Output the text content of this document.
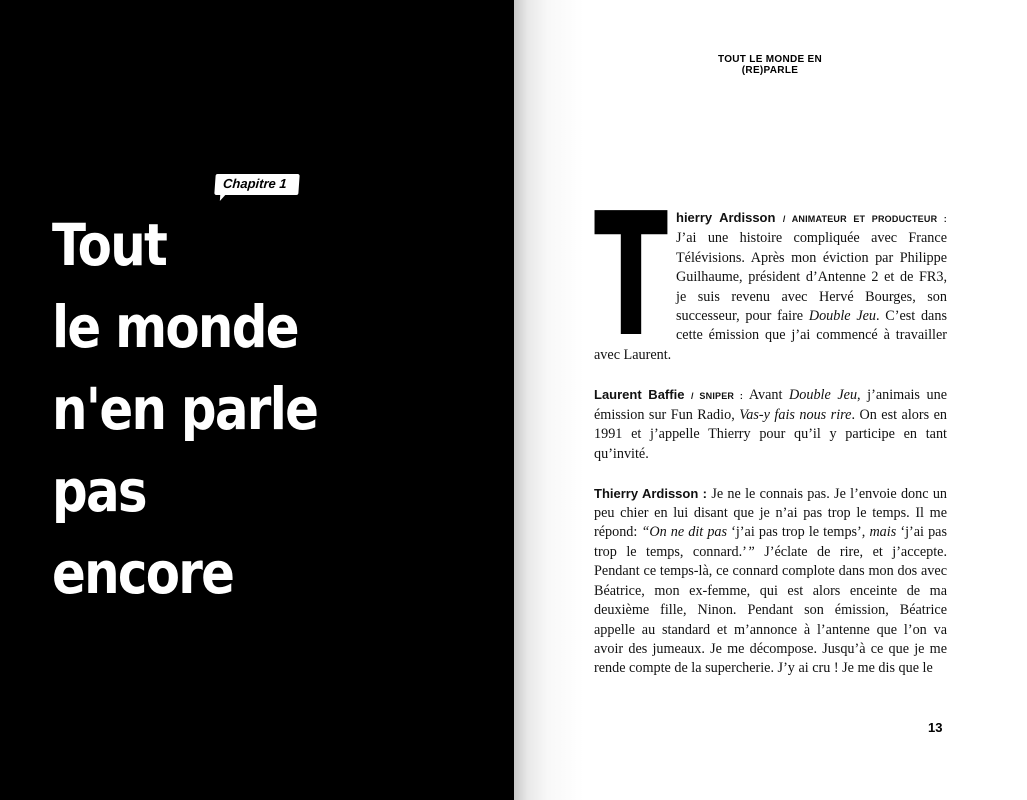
Chapitre 1
Tout
le monde
n'en parle
pas
encore
TOUT LE MONDE EN (RE)PARLE

T hierry Ardisson / ANIMATEUR ET PRODUCTEUR : J’ai une histoire compliquée avec France Télévisions. Après mon éviction par Philippe Guilhaume, président d’Antenne 2 et de FR3, je suis revenu avec Hervé Bourges, son successeur, pour faire Double Jeu. C’est dans cette émission que j’ai commencé à travailler avec Laurent.

Laurent Baffie / SNIPER : Avant Double Jeu, j’animais une émission sur Fun Radio, Vas-y fais nous rire. On est alors en 1991 et j’appelle Thierry pour qu’il y participe en tant qu’invité.

Thierry Ardisson : Je ne le connais pas. Je l’envoie donc un peu chier en lui disant que je n’ai pas trop le temps. Il me répond: “On ne dit pas ‘j’ai pas trop le temps’, mais ‘j’ai pas trop le temps, connard.’” J’éclate de rire, et j’accepte. Pendant ce temps-là, ce connard complote dans mon dos avec Béatrice, mon ex-femme, qui est alors enceinte de ma deuxième fille, Ninon. Pendant son émission, Béatrice appelle au standard et m’annonce à l’antenne que l’on va avoir des jumeaux. Je me décompose. Jusqu’à ce que je me rende compte de la supercherie. J’y ai cru ! Je me dis que le

13
